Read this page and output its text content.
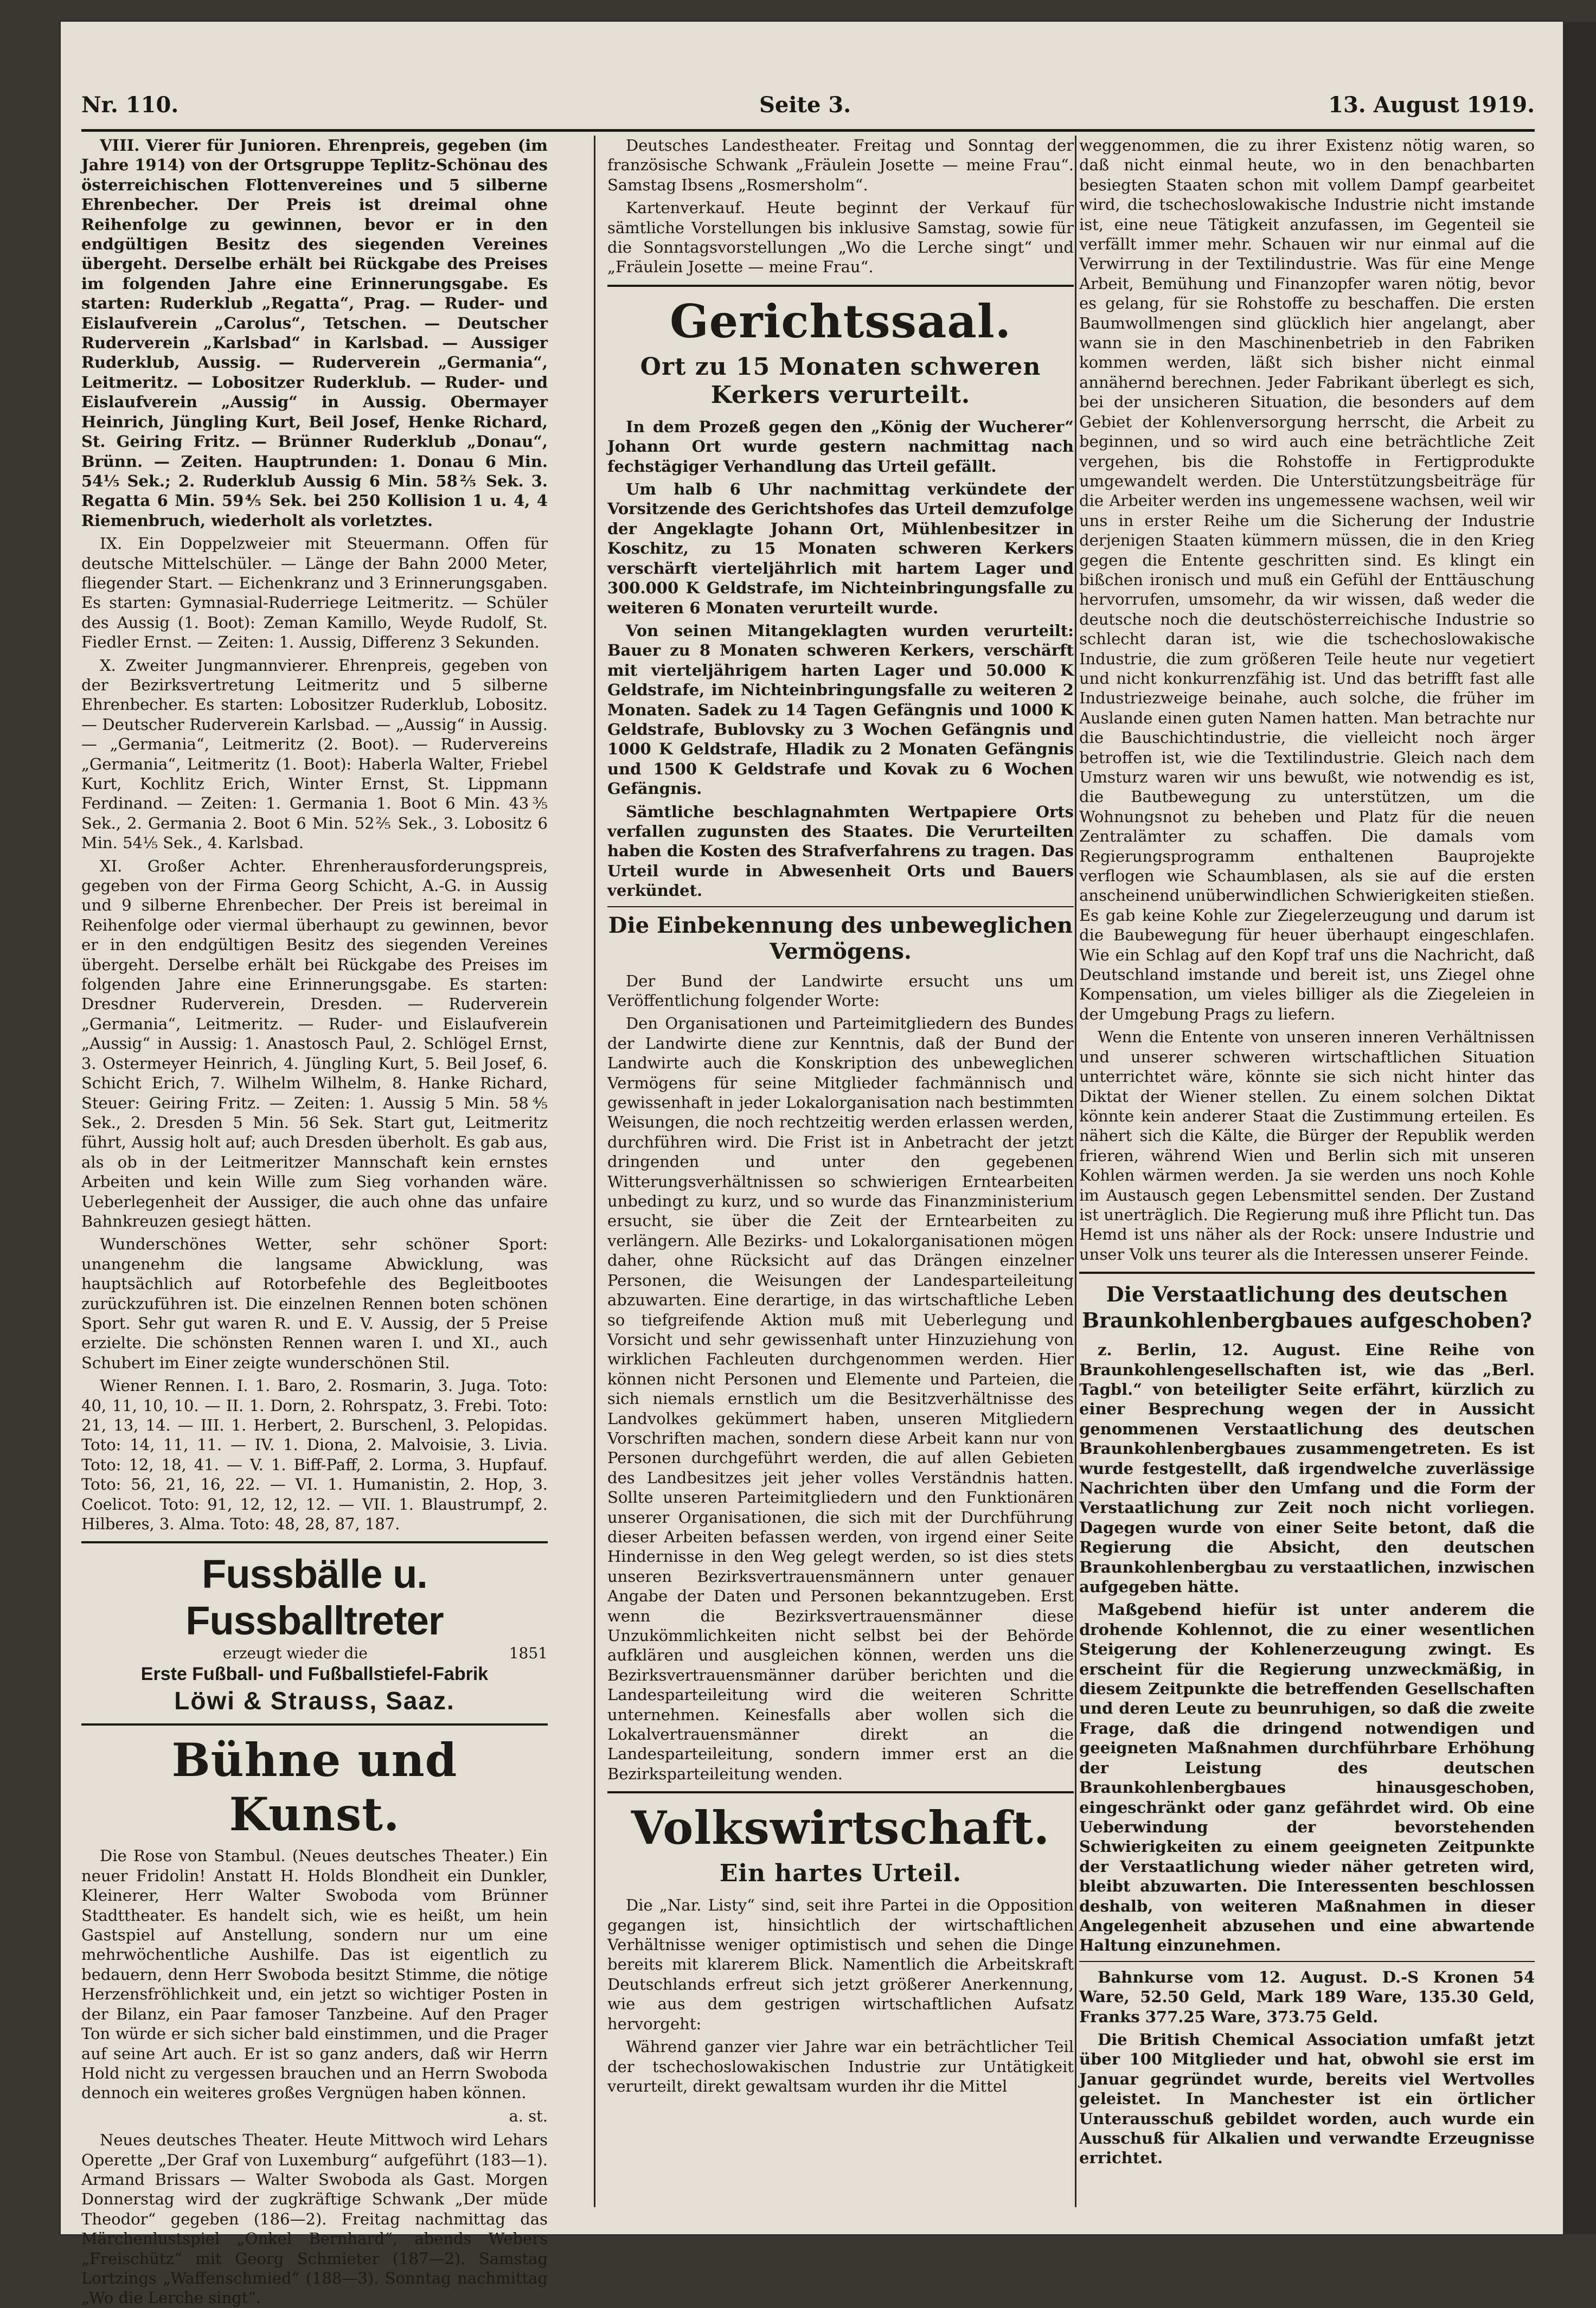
Nr. 110.	Seite 3.	13. August 1919.

VIII. Vierer für Junioren. Ehrenpreis, gegeben (im Jahre 1914) von der Ortsgruppe Teplitz-Schönau des österreichischen Flottenvereines und 5 silberne Ehrenbecher. Der Preis ist dreimal ohne Reihenfolge zu gewinnen, bevor er in den endgültigen Besitz des siegenden Vereines übergeht. Derselbe erhält bei Rückgabe des Preises im folgenden Jahre eine Erinnerungsgabe. Es starten: Ruderklub „Regatta“, Prag. — Ruder- und Eislaufverein „Carolus“, Tetschen. — Deutscher Ruderverein „Karlsbad“ in Karlsbad. — Aussiger Ruderklub, Aussig. — Ruderverein „Germania“, Leitmeritz. — Lobositzer Ruderklub. — Ruder- und Eislaufverein „Aussig“ in Aussig. Obermayer Heinrich, Jüngling Kurt, Beil Josef, Henke Richard, St. Geiring Fritz. — Brünner Ruderklub „Donau“, Brünn. — Zeiten. Hauptrunden: 1. Donau 6 Min. 54⅕ Sek.; 2. Ruderklub Aussig 6 Min. 58⅖ Sek. 3. Regatta 6 Min. 59⅘ Sek. bei 250 Kollision 1 u. 4, 4 Riemenbruch, wiederholt als vorletztes.

IX. Ein Doppelzweier mit Steuermann. Offen für deutsche Mittelschüler. — Länge der Bahn 2000 Meter, fliegender Start. — Eichenkranz und 3 Erinnerungsgaben. Es starten: Gymnasial-Ruderriege Leitmeritz. — Schüler des Aussig (1. Boot): Zeman Kamillo, Weyde Rudolf, St. Fiedler Ernst. — Zeiten: 1. Aussig, Differenz 3 Sekunden.

X. Zweiter Jungmannvierer. Ehrenpreis, gegeben von der Bezirksvertretung Leitmeritz und 5 silberne Ehrenbecher. Es starten: Lobositzer Ruderklub, Lobositz. — Deutscher Ruderverein Karlsbad. — „Aussig“ in Aussig. — „Germania“, Leitmeritz (2. Boot). — Rudervereins „Germania“, Leitmeritz (1. Boot): Haberla Walter, Friebel Kurt, Kochlitz Erich, Winter Ernst, St. Lippmann Ferdinand. — Zeiten: 1. Germania 1. Boot 6 Min. 43⅗ Sek., 2. Germania 2. Boot 6 Min. 52⅖ Sek., 3. Lobositz 6 Min. 54⅕ Sek., 4. Karlsbad.

XI. Großer Achter. Ehrenherausforderungspreis, gegeben von der Firma Georg Schicht, A.-G. in Aussig und 9 silberne Ehrenbecher. Der Preis ist bereimal in Reihenfolge oder viermal überhaupt zu gewinnen, bevor er in den endgültigen Besitz des siegenden Vereines übergeht. Derselbe erhält bei Rückgabe des Preises im folgenden Jahre eine Erinnerungsgabe. Es starten: Dresdner Ruderverein, Dresden. — Ruderverein „Germania“, Leitmeritz. — Ruder- und Eislaufverein „Aussig“ in Aussig: 1. Anastosch Paul, 2. Schlögel Ernst, 3. Ostermeyer Heinrich, 4. Jüngling Kurt, 5. Beil Josef, 6. Schicht Erich, 7. Wilhelm Wilhelm, 8. Hanke Richard, Steuer: Geiring Fritz. — Zeiten: 1. Aussig 5 Min. 58⅘ Sek., 2. Dresden 5 Min. 56 Sek. Start gut, Leitmeritz führt, Aussig holt auf; auch Dresden überholt. Es gab aus, als ob in der Leitmeritzer Mannschaft kein ernstes Arbeiten und kein Wille zum Sieg vorhanden wäre. Ueberlegenheit der Aussiger, die auch ohne das unfaire Bahnkreuzen gesiegt hätten.

Wunderschönes Wetter, sehr schöner Sport: unangenehm die langsame Abwicklung, was hauptsächlich auf Rotorbefehle des Begleitbootes zurückzuführen ist. Die einzelnen Rennen boten schönen Sport. Sehr gut waren R. und E. V. Aussig, der 5 Preise erzielte. Die schönsten Rennen waren I. und XI., auch Schubert im Einer zeigte wunderschönen Stil.

Wiener Rennen. I. 1. Baro, 2. Rosmarin, 3. Juga. Toto: 40, 11, 10, 10. — II. 1. Dorn, 2. Rohrspatz, 3. Frebi. Toto: 21, 13, 14. — III. 1. Herbert, 2. Burschenl, 3. Pelopidas. Toto: 14, 11, 11. — IV. 1. Diona, 2. Malvoisie, 3. Livia. Toto: 12, 18, 41. — V. 1. Biff-Paff, 2. Lorma, 3. Hupfauf. Toto: 56, 21, 16, 22. — VI. 1. Humanistin, 2. Hop, 3. Coelicot. Toto: 91, 12, 12, 12. — VII. 1. Blaustrumpf, 2. Hilberes, 3. Alma. Toto: 48, 28, 87, 187.

Fussbälle u. Fussballtreter
erzeugt wieder die	1851
Erste Fußball- und Fußballstiefel-Fabrik
Löwi & Strauss, Saaz.
Bühne und Kunst.

Die Rose von Stambul. (Neues deutsches Theater.) Ein neuer Fridolin! Anstatt H. Holds Blondheit ein Dunkler, Kleinerer, Herr Walter Swoboda vom Brünner Stadttheater. Es handelt sich, wie es heißt, um hein Gastspiel auf Anstellung, sondern nur um eine mehrwöchentliche Aushilfe. Das ist eigentlich zu bedauern, denn Herr Swoboda besitzt Stimme, die nötige Herzensfröhlichkeit und, ein jetzt so wichtiger Posten in der Bilanz, ein Paar famoser Tanzbeine. Auf den Prager Ton würde er sich sicher bald einstimmen, und die Prager auf seine Art auch. Er ist so ganz anders, daß wir Herrn Hold nicht zu vergessen brauchen und an Herrn Swoboda dennoch ein weiteres großes Vergnügen haben können.

a. st.

Neues deutsches Theater. Heute Mittwoch wird Lehars Operette „Der Graf von Luxemburg“ aufgeführt (183—1). Armand Brissars — Walter Swoboda als Gast. Morgen Donnerstag wird der zugkräftige Schwank „Der müde Theodor“ gegeben (186—2). Freitag nachmittag das Märchenlustspiel „Onkel Bernhard“, abends Webers „Freischütz“ mit Georg Schmieter (187—2). Samstag Lortzings „Waffenschmied“ (188—3). Sonntag nachmittag „Wo die Lerche singt“.

Deutsches Landestheater. Freitag und Sonntag der französische Schwank „Fräulein Josette — meine Frau“. Samstag Ibsens „Rosmersholm“.

Kartenverkauf. Heute beginnt der Verkauf für sämtliche Vorstellungen bis inklusive Samstag, sowie für die Sonntagsvorstellungen „Wo die Lerche singt“ und „Fräulein Josette — meine Frau“.

Gerichtssaal.
Ort zu 15 Monaten schweren Kerkers verurteilt.

In dem Prozeß gegen den „König der Wucherer“ Johann Ort wurde gestern nachmittag nach fechstägiger Verhandlung das Urteil gefällt.

Um halb 6 Uhr nachmittag verkündete der Vorsitzende des Gerichtshofes das Urteil demzufolge der Angeklagte Johann Ort, Mühlenbesitzer in Koschitz, zu 15 Monaten schweren Kerkers verschärft vierteljährlich mit hartem Lager und 300.000 K Geldstrafe, im Nichteinbringungsfalle zu weiteren 6 Monaten verurteilt wurde.

Von seinen Mitangeklagten wurden verurteilt: Bauer zu 8 Monaten schweren Kerkers, verschärft mit vierteljährigem harten Lager und 50.000 K Geldstrafe, im Nichteinbringungsfalle zu weiteren 2 Monaten. Sadek zu 14 Tagen Gefängnis und 1000 K Geldstrafe, Bublovsky zu 3 Wochen Gefängnis und 1000 K Geldstrafe, Hladik zu 2 Monaten Gefängnis und 1500 K Geldstrafe und Kovak zu 6 Wochen Gefängnis.

Sämtliche beschlagnahmten Wertpapiere Orts verfallen zugunsten des Staates. Die Verurteilten haben die Kosten des Strafverfahrens zu tragen. Das Urteil wurde in Abwesenheit Orts und Bauers verkündet.

Die Einbekennung des unbeweglichen Vermögens.

Der Bund der Landwirte ersucht uns um Veröffentlichung folgender Worte:

Den Organisationen und Parteimitgliedern des Bundes der Landwirte diene zur Kenntnis, daß der Bund der Landwirte auch die Konskription des unbeweglichen Vermögens für seine Mitglieder fachmännisch und gewissenhaft in jeder Lokalorganisation nach bestimmten Weisungen, die noch rechtzeitig werden erlassen werden, durchführen wird. Die Frist ist in Anbetracht der jetzt dringenden und unter den gegebenen Witterungsverhältnissen so schwierigen Erntearbeiten unbedingt zu kurz, und so wurde das Finanzministerium ersucht, sie über die Zeit der Erntearbeiten zu verlängern. Alle Bezirks- und Lokalorganisationen mögen daher, ohne Rücksicht auf das Drängen einzelner Personen, die Weisungen der Landesparteileitung abzuwarten. Eine derartige, in das wirtschaftliche Leben so tiefgreifende Aktion muß mit Ueberlegung und Vorsicht und sehr gewissenhaft unter Hinzuziehung von wirklichen Fachleuten durchgenommen werden. Hier können nicht Personen und Elemente und Parteien, die sich niemals ernstlich um die Besitzverhältnisse des Landvolkes gekümmert haben, unseren Mitgliedern Vorschriften machen, sondern diese Arbeit kann nur von Personen durchgeführt werden, die auf allen Gebieten des Landbesitzes jeit jeher volles Verständnis hatten. Sollte unseren Parteimitgliedern und den Funktionären unserer Organisationen, die sich mit der Durchführung dieser Arbeiten befassen werden, von irgend einer Seite Hindernisse in den Weg gelegt werden, so ist dies stets unseren Bezirksvertrauensmännern unter genauer Angabe der Daten und Personen bekanntzugeben. Erst wenn die Bezirksvertrauensmänner diese Unzukömmlichkeiten nicht selbst bei der Behörde aufklären und ausgleichen können, werden uns die Bezirksvertrauensmänner darüber berichten und die Landesparteileitung wird die weiteren Schritte unternehmen. Keinesfalls aber wollen sich die Lokalvertrauensmänner direkt an die Landesparteileitung, sondern immer erst an die Bezirksparteileitung wenden.

Volkswirtschaft.
Ein hartes Urteil.

Die „Nar. Listy“ sind, seit ihre Partei in die Opposition gegangen ist, hinsichtlich der wirtschaftlichen Verhältnisse weniger optimistisch und sehen die Dinge bereits mit klarerem Blick. Namentlich die Arbeitskraft Deutschlands erfreut sich jetzt größerer Anerkennung, wie aus dem gestrigen wirtschaftlichen Aufsatz hervorgeht:

Während ganzer vier Jahre war ein beträchtlicher Teil der tschechoslowakischen Industrie zur Untätigkeit verurteilt, direkt gewaltsam wurden ihr die Mittel

weggenommen, die zu ihrer Existenz nötig waren, so daß nicht einmal heute, wo in den benachbarten besiegten Staaten schon mit vollem Dampf gearbeitet wird, die tschechoslowakische Industrie nicht imstande ist, eine neue Tätigkeit anzufassen, im Gegenteil sie verfällt immer mehr. Schauen wir nur einmal auf die Verwirrung in der Textilindustrie. Was für eine Menge Arbeit, Bemühung und Finanzopfer waren nötig, bevor es gelang, für sie Rohstoffe zu beschaffen. Die ersten Baumwollmengen sind glücklich hier angelangt, aber wann sie in den Maschinenbetrieb in den Fabriken kommen werden, läßt sich bisher nicht einmal annähernd berechnen. Jeder Fabrikant überlegt es sich, bei der unsicheren Situation, die besonders auf dem Gebiet der Kohlenversorgung herrscht, die Arbeit zu beginnen, und so wird auch eine beträchtliche Zeit vergehen, bis die Rohstoffe in Fertigprodukte umgewandelt werden. Die Unterstützungsbeiträge für die Arbeiter werden ins ungemessene wachsen, weil wir uns in erster Reihe um die Sicherung der Industrie derjenigen Staaten kümmern müssen, die in den Krieg gegen die Entente geschritten sind. Es klingt ein bißchen ironisch und muß ein Gefühl der Enttäuschung hervorrufen, umsomehr, da wir wissen, daß weder die deutsche noch die deutschösterreichische Industrie so schlecht daran ist, wie die tschechoslowakische Industrie, die zum größeren Teile heute nur vegetiert und nicht konkurrenzfähig ist. Und das betrifft fast alle Industriezweige beinahe, auch solche, die früher im Auslande einen guten Namen hatten. Man betrachte nur die Bauschichtindustrie, die vielleicht noch ärger betroffen ist, wie die Textilindustrie. Gleich nach dem Umsturz waren wir uns bewußt, wie notwendig es ist, die Bautbewegung zu unterstützen, um die Wohnungsnot zu beheben und Platz für die neuen Zentralämter zu schaffen. Die damals vom Regierungsprogramm enthaltenen Bauprojekte verflogen wie Schaumblasen, als sie auf die ersten anscheinend unüberwindlichen Schwierigkeiten stießen. Es gab keine Kohle zur Ziegelerzeugung und darum ist die Baubewegung für heuer überhaupt eingeschlafen. Wie ein Schlag auf den Kopf traf uns die Nachricht, daß Deutschland imstande und bereit ist, uns Ziegel ohne Kompensation, um vieles billiger als die Ziegeleien in der Umgebung Prags zu liefern.

Wenn die Entente von unseren inneren Verhältnissen und unserer schweren wirtschaftlichen Situation unterrichtet wäre, könnte sie sich nicht hinter das Diktat der Wiener stellen. Zu einem solchen Diktat könnte kein anderer Staat die Zustimmung erteilen. Es nähert sich die Kälte, die Bürger der Republik werden frieren, während Wien und Berlin sich mit unseren Kohlen wärmen werden. Ja sie werden uns noch Kohle im Austausch gegen Lebensmittel senden. Der Zustand ist unerträglich. Die Regierung muß ihre Pflicht tun. Das Hemd ist uns näher als der Rock: unsere Industrie und unser Volk uns teurer als die Interessen unserer Feinde.

Die Verstaatlichung des deutschen Braunkohlenbergbaues aufgeschoben?

z. Berlin, 12. August. Eine Reihe von Braunkohlengesellschaften ist, wie das „Berl. Tagbl.“ von beteiligter Seite erfährt, kürzlich zu einer Besprechung wegen der in Aussicht genommenen Verstaatlichung des deutschen Braunkohlenbergbaues zusammengetreten. Es ist wurde festgestellt, daß irgendwelche zuverlässige Nachrichten über den Umfang und die Form der Verstaatlichung zur Zeit noch nicht vorliegen. Dagegen wurde von einer Seite betont, daß die Regierung die Absicht, den deutschen Braunkohlenbergbau zu verstaatlichen, inzwischen aufgegeben hätte.

Maßgebend hiefür ist unter anderem die drohende Kohlennot, die zu einer wesentlichen Steigerung der Kohlenerzeugung zwingt. Es erscheint für die Regierung unzweckmäßig, in diesem Zeitpunkte die betreffenden Gesellschaften und deren Leute zu beunruhigen, so daß die zweite Frage, daß die dringend notwendigen und geeigneten Maßnahmen durchführbare Erhöhung der Leistung des deutschen Braunkohlenbergbaues hinausgeschoben, eingeschränkt oder ganz gefährdet wird. Ob eine Ueberwindung der bevorstehenden Schwierigkeiten zu einem geeigneten Zeitpunkte der Verstaatlichung wieder näher getreten wird, bleibt abzuwarten. Die Interessenten beschlossen deshalb, von weiteren Maßnahmen in dieser Angelegenheit abzusehen und eine abwartende Haltung einzunehmen.

Bahnkurse vom 12. August. D.-S Kronen 54 Ware, 52.50 Geld, Mark 189 Ware, 135.30 Geld, Franks 377.25 Ware, 373.75 Geld.

Die British Chemical Association umfaßt jetzt über 100 Mitglieder und hat, obwohl sie erst im Januar gegründet wurde, bereits viel Wertvolles geleistet. In Manchester ist ein örtlicher Unterausschuß gebildet worden, auch wurde ein Ausschuß für Alkalien und verwandte Erzeugnisse errichtet.
